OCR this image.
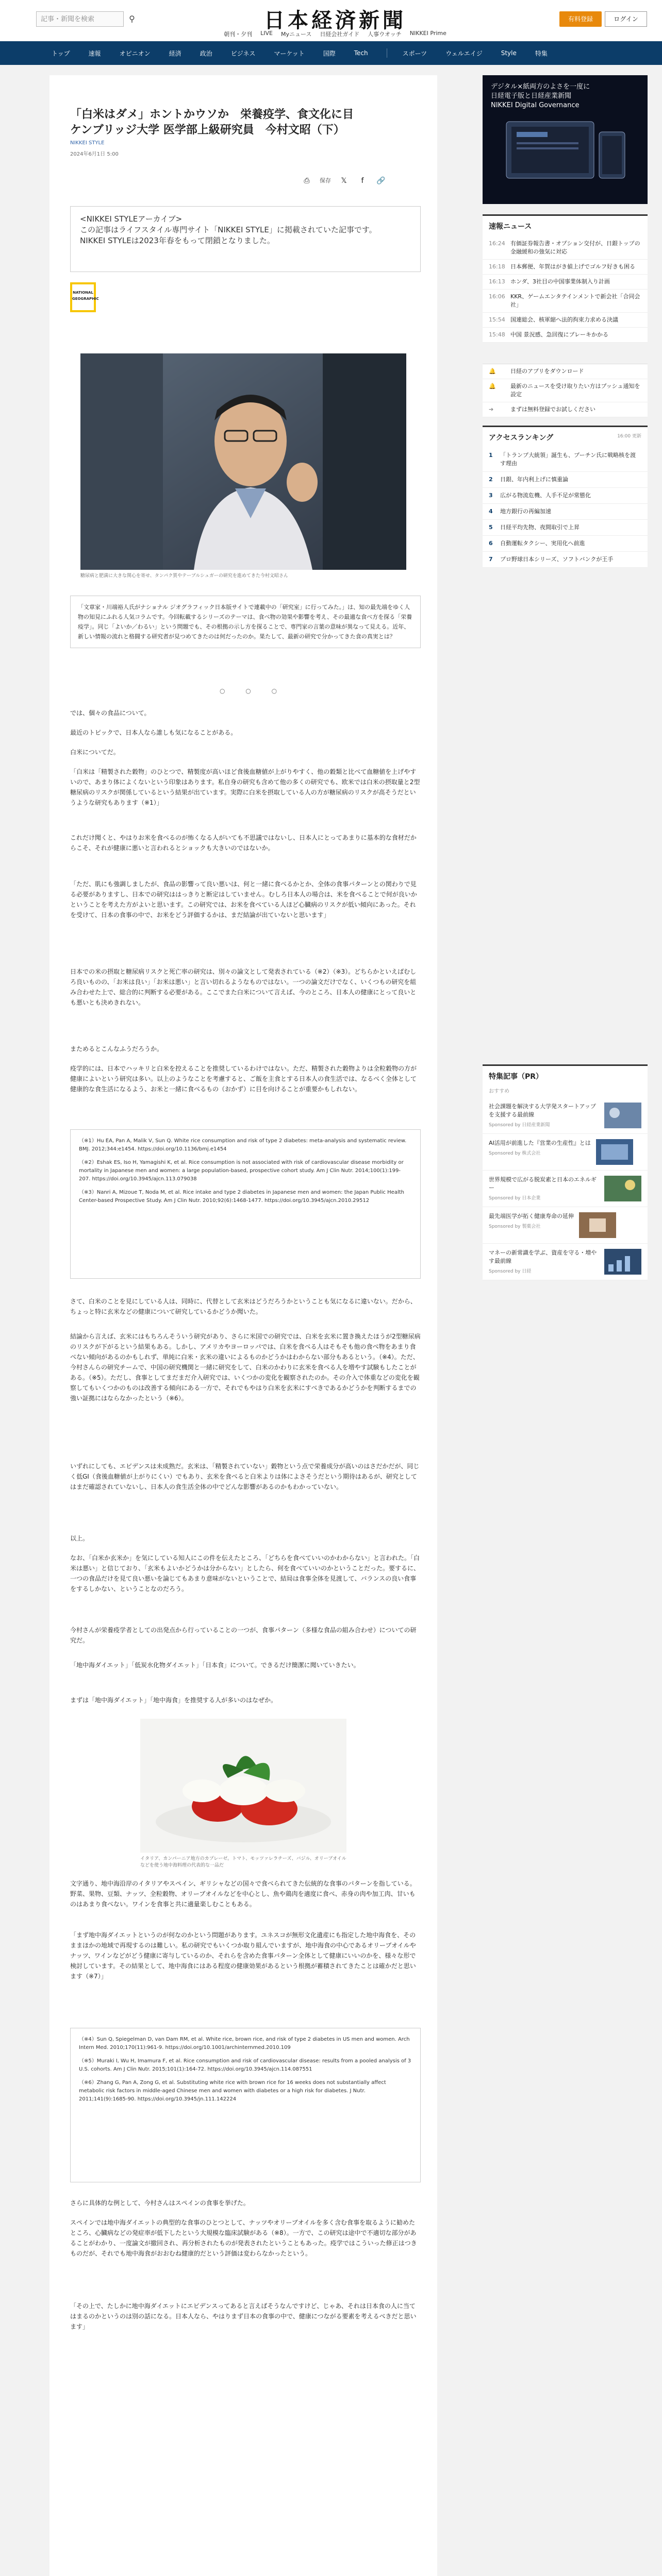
記事・新聞を検索	⚲	日本経済新聞
朝刊・夕刊 LIVE Myニュース 日経会社ガイド 人事ウオッチ NIKKEI Prime
有料登録	ログイン
トップ	速報	オピニオン	経済	政治	ビジネス	マーケット	国際	Tech	スポーツ	ウェルエイジ	Style	特集
「白米はダメ」ホントかウソか　栄養疫学、食文化に目
ケンブリッジ大学 医学部上級研究員　今村文昭（下）
NIKKEI STYLE
2024年6月1日 5:00
⎙	保存	𝕏	f	🔗
<NIKKEI STYLEアーカイブ>
この記事はライフスタイル専門サイト「NIKKEI STYLE」に掲載されていた記事です。
NIKKEI STYLEは2023年春をもって閉鎖となりました。
NATIONAL GEOGRAPHIC
糖尿病と肥満に大きな関心を寄せ、タンパク質やテーブルシュガーの研究を進めてきた今村文昭さん
「文章家・川端裕人氏がナショナル ジオグラフィック日本版サイトで連載中の「研究室」に行ってみた。」は、知の最先端をゆく人物の知見にふれる人気コラムです。今回転載するシリーズのテーマは、食べ物の効果や影響を考え、その最適な食べ方を探る「栄養疫学」。同じ「よいか／わるい」という問題でも、その根拠の示し方を探ることで、専門家の言葉の意味が異なって見える。近年、新しい情報の流れと格闘する研究者が見つめてきたのは何だったのか。果たして、最新の研究で分かってきた食の真実とは？
○ ○ ○

では、個々の食品について。

最近のトピックで、日本人なら誰しも気になることがある。

白米についてだ。

「白米は「精製された穀物」のひとつで、精製度が高いほど食後血糖値が上がりやすく、他の穀類と比べて血糖値を上げやすいので、あまり体によくないという印象はあります。私自身の研究も含めて他の多くの研究でも、欧米では白米の摂取量と2型糖尿病のリスクが関係しているという結果が出ています。実際に白米を摂取している人の方が糖尿病のリスクが高そうだというような研究もあります（※1）」

これだけ聞くと、やはりお米を食べるのが怖くなる人がいても不思議ではないし、日本人にとってあまりに基本的な食材だからこそ、それが健康に悪いと言われるとショックも大きいのではないか。

「ただ、肌にも強調しましたが、食品の影響って良い悪いは、何と一緒に食べるかとか、全体の食事パターンとの関わりで見る必要がありますし、日本での研究ははっきりと断定はしていません。むしろ日本人の場合は、米を食べることで何が良いかということを考えた方がよいと思います。この研究では、お米を食べている人ほど心臓病のリスクが低い傾向にあった。それを受けて、日本の食事の中で、お米をどう評価するかは、まだ結論が出ていないと思います」

日本での米の摂取と糖尿病リスクと死亡率の研究は、別々の論文として発表されている（※2）（※3）。どちらかといえばむしろ良いものの、「お米は良い」「お米は悪い」と言い切れるようなものではない。一つの論文だけでなく、いくつもの研究を組み合わせた上で、総合的に判断する必要がある。ここでまた白米について言えば、今のところ、日本人の健康にとって良いとも悪いとも決めきれない。

まためるとこんなふうだろうか。

疫学的には、日本でハッキリと白米を控えることを推奨しているわけではない。ただ、精製された穀物よりは全粒穀物の方が健康によいという研究は多い。以上のようなことを考慮すると、ご飯を主食とする日本人の食生活では、なるべく全体として健康的な食生活になるよう、お米と一緒に食べるもの（おかず）に目を向けることが重要かもしれない。

（※1）Hu EA, Pan A, Malik V, Sun Q. White rice consumption and risk of type 2 diabetes: meta-analysis and systematic review. BMJ. 2012;344:e1454. https://doi.org/10.1136/bmj.e1454

（※2）Eshak ES, Iso H, Yamagishi K, et al. Rice consumption is not associated with risk of cardiovascular disease morbidity or mortality in Japanese men and women: a large population-based, prospective cohort study. Am J Clin Nutr. 2014;100(1):199-207. https://doi.org/10.3945/ajcn.113.079038

（※3）Nanri A, Mizoue T, Noda M, et al. Rice intake and type 2 diabetes in Japanese men and women: the Japan Public Health Center-based Prospective Study. Am J Clin Nutr. 2010;92(6):1468-1477. https://doi.org/10.3945/ajcn.2010.29512

さて、白米のことを見にしている人は、同時に、代替として玄米はどうだろうかということも気になるに違いない。だから、ちょっと特に玄米などの健康について研究しているかどうか聞いた。

結論から言えば、玄米にはもちろんそういう研究があり、さらに米国での研究では、白米を玄米に置き換えたほうが2型糖尿病のリスクが下がるという結果もある。しかし、アメリカやヨーロッパでは、白米を食べる人はそもそも他の食べ物をあまり食べない傾向があるのかもしれず、単純に白米・玄米の違いによるものかどうかはわからない部分もあるという。（※4）。ただ、今村さんらの研究チームで、中国の研究機関と一緒に研究をして、白米のかわりに玄米を食べる人を増やす試験もしたことがある。（※5）。ただし、食事としてまだまだ介入研究では、いくつかの変化を観察されたのか。その介入で体重などの変化を観察してもいくつかのものは改善する傾向にある一方で、それでもやはり白米を玄米にすべきであるかどうかを判断するまでの強い証拠にはならなかったという（※6）。

いずれにしても、エビデンスは未成熟だ。玄米は、「精製されていない」穀物という点で栄養成分が高いのはさだかだが、同じく低GI（食後血糖値が上がりにくい）でもあり、玄米を食べると白米よりは体によさそうだという期待はあるが、研究としてはまだ確認されていないし、日本人の食生活全体の中でどんな影響があるのかもわかっていない。

以上。

なお、「白米か玄米か」を気にしている知人にこの件を伝えたところ、「どちらを食べていいのかわからない」と言われた。「白米は悪い」と信じており、「玄米もよいかどうかは分からない」としたら、何を食べていいのかということだった。要するに、一つの食品だけを見て良い悪いを論じてもあまり意味がないということで、結局は食事全体を見渡して、バランスの良い食事をするしかない、ということなのだろう。

今村さんが栄養疫学者としての出発点から行っていることの一つが、食事パターン（多様な食品の組み合わせ）についての研究だ。

「地中海ダイエット」「低炭水化物ダイエット」「日本食」について。できるだけ簡潔に聞いていきたい。

まずは「地中海ダイエット」「地中海食」を推奨する人が多いのはなぜか。

イタリア、カンパーニア地方のカプレーゼ。トマト、モッツァレラチーズ、バジル、オリーブオイルなどを使う地中海料理の代表的な一品だ

文字通り、地中海沿岸のイタリアやスペイン、ギリシャなどの国々で食べられてきた伝統的な食事のパターンを指している。野菜、果物、豆類、ナッツ、全粒穀物、オリーブオイルなどを中心とし、魚や鶏肉を適度に食べ、赤身の肉や加工肉、甘いものはあまり食べない。ワインを食事と共に適量楽しむこともある。

「まず地中海ダイエットというのが何なのかという問題があります。ユネスコが無形文化遺産にも指定した地中海食を、そのままほかの地域で再現するのは難しい。私の研究でもいくつか取り組んでいますが、地中海食の中心であるオリーブオイルやナッツ、ワインなどがどう健康に寄与しているのか、それらを含めた食事パターン全体として健康にいいのかを、様々な形で検討しています。その結果として、地中海食にはある程度の健康効果があるという根拠が蓄積されてきたことは確かだと思います（※7）」

（※4）Sun Q, Spiegelman D, van Dam RM, et al. White rice, brown rice, and risk of type 2 diabetes in US men and women. Arch Intern Med. 2010;170(11):961-9. https://doi.org/10.1001/archinternmed.2010.109

（※5）Muraki I, Wu H, Imamura F, et al. Rice consumption and risk of cardiovascular disease: results from a pooled analysis of 3 U.S. cohorts. Am J Clin Nutr. 2015;101(1):164-72. https://doi.org/10.3945/ajcn.114.087551

（※6）Zhang G, Pan A, Zong G, et al. Substituting white rice with brown rice for 16 weeks does not substantially affect metabolic risk factors in middle-aged Chinese men and women with diabetes or a high risk for diabetes. J Nutr. 2011;141(9):1685-90. https://doi.org/10.3945/jn.111.142224

さらに具体的な例として、今村さんはスペインの食事を挙げた。

スペインでは地中海ダイエットの典型的な食事のひとつとして、ナッツやオリーブオイルを多く含む食事を取るように勧めたところ、心臓病などの発症率が低下したという大規模な臨床試験がある（※8）。一方で、この研究は途中で不適切な部分があることがわかり、一度論文が撤回され、再分析されたものが発表されたということもあった。疫学ではこういった修正はつきものだが、それでも地中海食がおおむね健康的だという評価は変わらなかったという。

「その上で、たしかに地中海ダイエットにエビデンスってあると言えばそうなんですけど、じゃあ、それは日本食の人に当てはまるのかというのは別の話になる。日本人なら、やはりまず日本の食事の中で、健康につながる要素を考えるべきだと思います」

デジタル×紙両方のよさを一度に
日経電子版と日経産業新聞
NIKKEI Digital Governance
速報ニュース
16:24 有価証券報告書・オプション交付が、日銀トップの金融緩和の強気に対応
16:18 日本郵便、年賀はがき値上げでゴルフ好きも困る
16:13 ホンダ、3社目の中国事業体制入り計画
16:06 KKR、ゲームエンタテインメントで新会社「合同会社」
15:54 国連総会、核軍縮へ法的拘束力求める決議
15:48 中国 景況感、急回復にブレーキかかる
🔔	日経のアプリをダウンロード
🔔	最新のニュースを受け取りたい方はプッシュ通知を設定
➔	まずは無料登録でお試しください
アクセスランキング	16:00 更新
1	「トランプ大統領」誕生も、プーチン氏に戦略核を渡す理由
2	日銀、年内利上げに慎重論
3	広がる物流危機、人手不足が常態化
4	地方銀行の再編加速
5	日経平均先物、夜間取引で上昇
6	自動運転タクシー、実用化へ前進
7	プロ野球日本シリーズ、ソフトバンクが王手
特集記事（PR）
おすすめ
社会課題を解決する大学発スタートアップを支援する最前線
Sponsored by 日経産業新聞
AI活用が前進した『営業の生産性』とは
Sponsored by 株式会社
世界規模で広がる脱炭素と日本のエネルギー
Sponsored by 日本企業
最先端医学が拓く健康寿命の延伸
Sponsored by 製薬会社
マネーの新常識を学ぶ、資産を守る・増やす最前線
Sponsored by 日経
